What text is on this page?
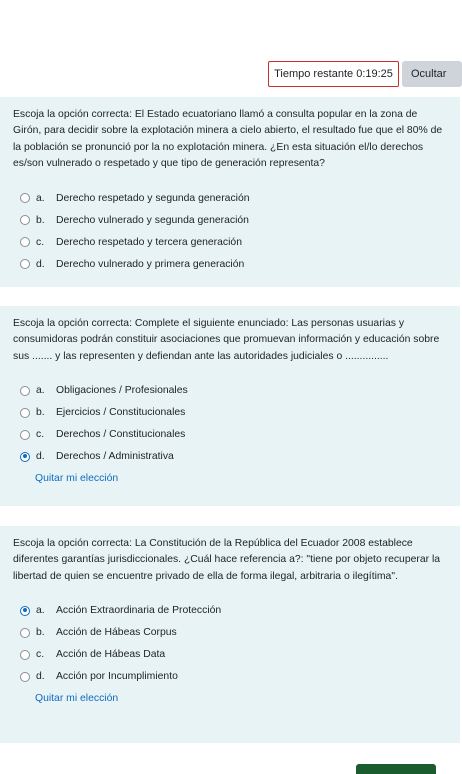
Tiempo restante 0:19:25	Ocultar
Escoja la opción correcta: El Estado ecuatoriano llamó a consulta popular en la zona de Girón, para decidir sobre la explotación minera a cielo abierto, el resultado fue que el 80% de la población se pronunció por la no explotación minera. ¿En esta situación el/lo derechos es/son vulnerado o respetado y que tipo de generación representa?
a.	Derecho respetado y segunda generación
b.	Derecho vulnerado y segunda generación
c.	Derecho respetado y tercera generación
d.	Derecho vulnerado y primera generación
Escoja la opción correcta: Complete el siguiente enunciado: Las personas usuarias y consumidoras podrán constituir asociaciones que promuevan información y educación sobre sus ....... y las representen y defiendan ante las autoridades judiciales o ...............
a.	Obligaciones / Profesionales
b.	Ejercicios / Constitucionales
c.	Derechos / Constitucionales
d.	Derechos / Administrativa
Quitar mi elección
Escoja la opción correcta: La Constitución de la República del Ecuador 2008 establece diferentes garantías jurisdiccionales. ¿Cuál hace referencia a?: "tiene por objeto recuperar la libertad de quien se encuentre privado de ella de forma ilegal, arbitraria o ilegítima".
a.	Acción Extraordinaria de Protección
b.	Acción de Hábeas Corpus
c.	Acción de Hábeas Data
d.	Acción por Incumplimiento
Quitar mi elección
